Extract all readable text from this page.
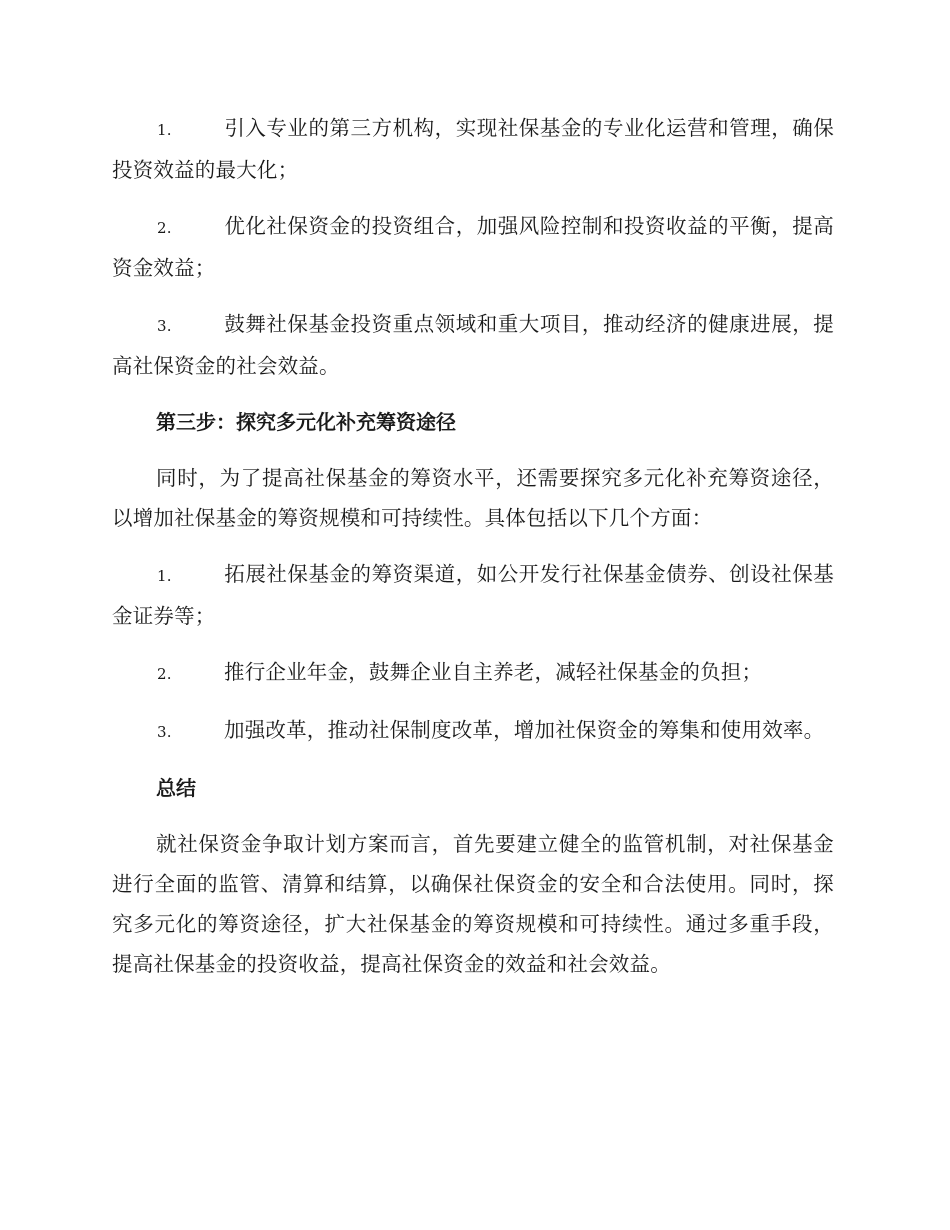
1.	引入专业的第三方机构，实现社保基金的专业化运营和管理，确保投资效益的最大化；
2.	优化社保资金的投资组合，加强风险控制和投资收益的平衡，提高资金效益；
3.	鼓舞社保基金投资重点领域和重大项目，推动经济的健康进展，提高社保资金的社会效益。
第三步：探究多元化补充筹资途径

同时，为了提高社保基金的筹资水平，还需要探究多元化补充筹资途径，以增加社保基金的筹资规模和可持续性。具体包括以下几个方面：

1.	拓展社保基金的筹资渠道，如公开发行社保基金债券、创设社保基金证券等；
2.	推行企业年金，鼓舞企业自主养老，减轻社保基金的负担；
3.	加强改革，推动社保制度改革，增加社保资金的筹集和使用效率。
总结

就社保资金争取计划方案而言，首先要建立健全的监管机制，对社保基金进行全面的监管、清算和结算，以确保社保资金的安全和合法使用。同时，探究多元化的筹资途径，扩大社保基金的筹资规模和可持续性。通过多重手段，提高社保基金的投资收益，提高社保资金的效益和社会效益。
